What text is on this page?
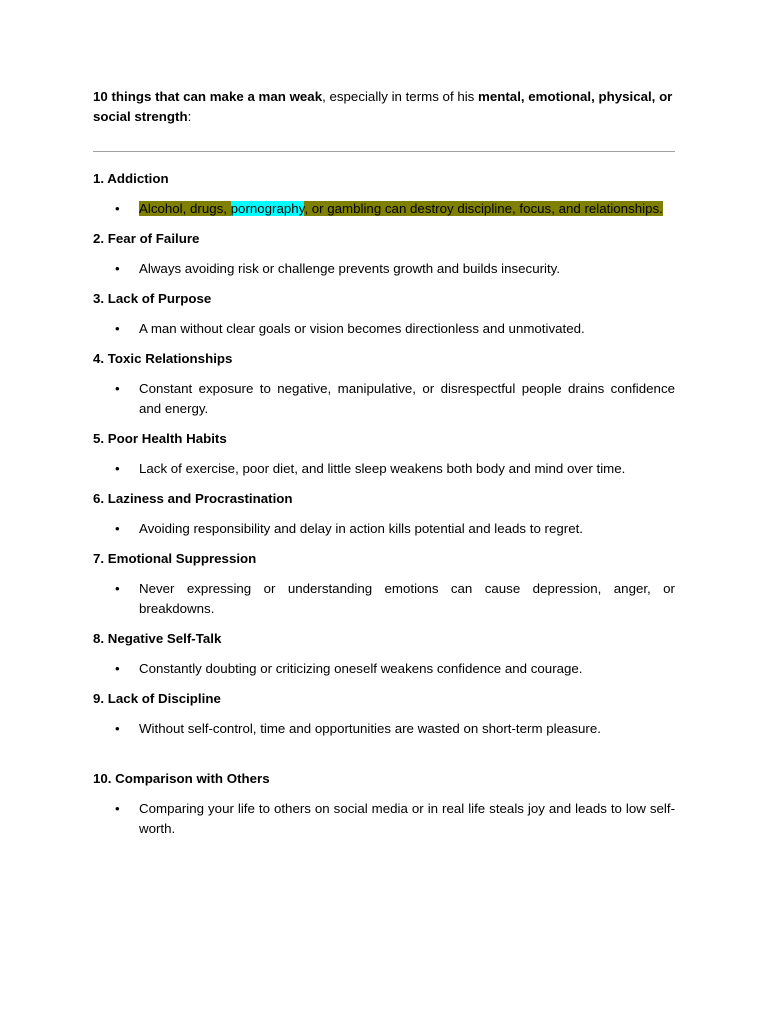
10 things that can make a man weak, especially in terms of his mental, emotional, physical, or social strength:

1. Addiction

• Alcohol, drugs, pornography, or gambling can destroy discipline, focus, and relationships.

2. Fear of Failure

• Always avoiding risk or challenge prevents growth and builds insecurity.

3. Lack of Purpose

• A man without clear goals or vision becomes directionless and unmotivated.

4. Toxic Relationships

• Constant exposure to negative, manipulative, or disrespectful people drains confidence and energy.

5. Poor Health Habits

• Lack of exercise, poor diet, and little sleep weakens both body and mind over time.

6. Laziness and Procrastination

• Avoiding responsibility and delay in action kills potential and leads to regret.

7. Emotional Suppression

• Never expressing or understanding emotions can cause depression, anger, or breakdowns.

8. Negative Self-Talk

• Constantly doubting or criticizing oneself weakens confidence and courage.

9. Lack of Discipline

• Without self-control, time and opportunities are wasted on short-term pleasure.

10. Comparison with Others

• Comparing your life to others on social media or in real life steals joy and leads to low self-worth.
